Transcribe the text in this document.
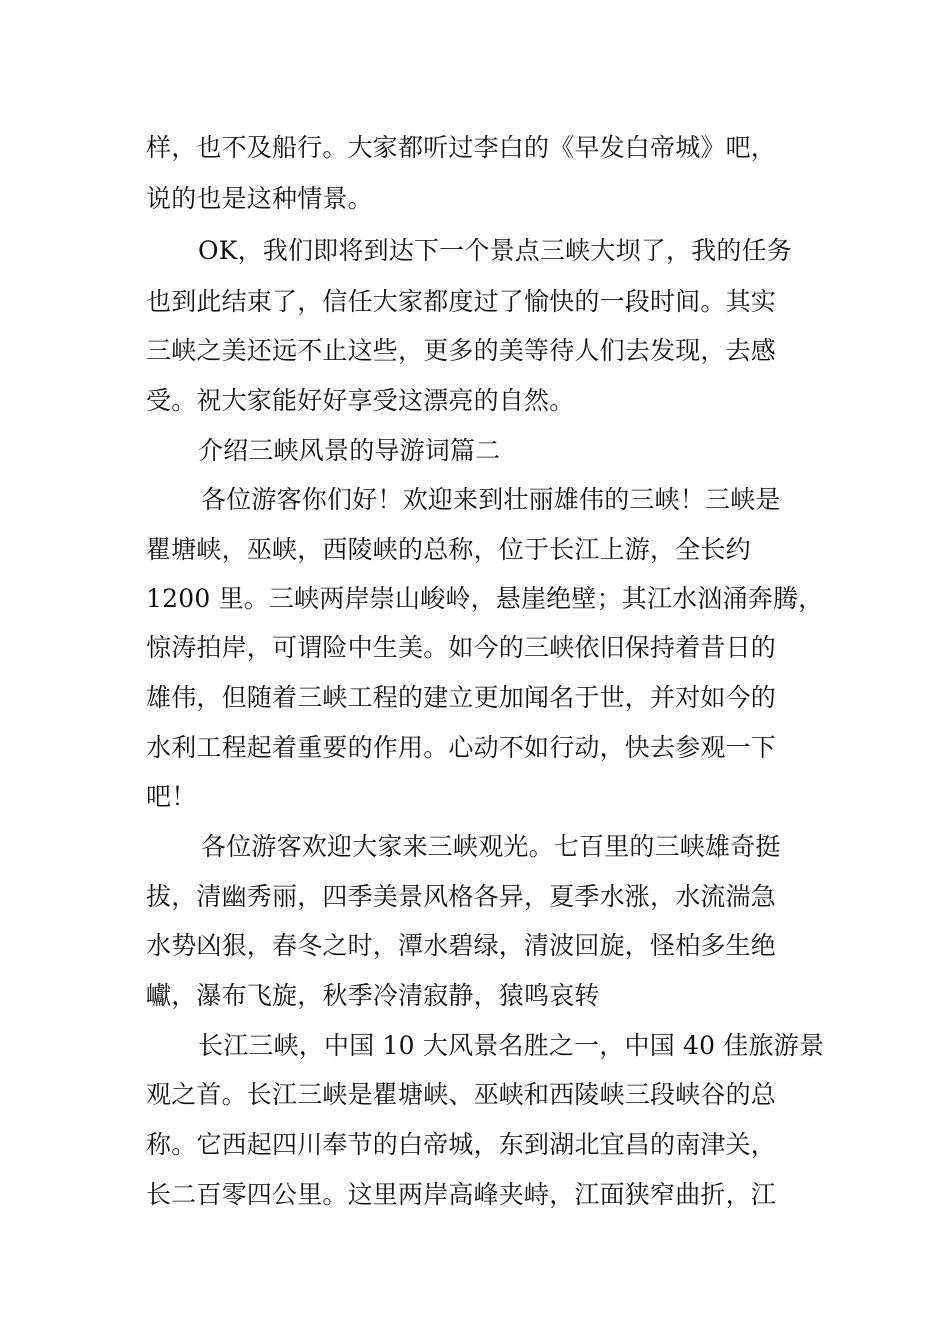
样，也不及船行。大家都听过李白的《早发白帝城》吧，
说的也是这种情景。
OK，我们即将到达下一个景点三峡大坝了，我的任务
也到此结束了，信任大家都度过了愉快的一段时间。其实
三峡之美还远不止这些，更多的美等待人们去发现，去感
受。祝大家能好好享受这漂亮的自然。
介绍三峡风景的导游词篇二
各位游客你们好！欢迎来到壮丽雄伟的三峡！三峡是
瞿塘峡，巫峡，西陵峡的总称，位于长江上游，全长约
1200 里。三峡两岸崇山峻岭，悬崖绝壁；其江水汹涌奔腾，
惊涛拍岸，可谓险中生美。如今的三峡依旧保持着昔日的
雄伟，但随着三峡工程的建立更加闻名于世，并对如今的
水利工程起着重要的作用。心动不如行动，快去参观一下
吧！
各位游客欢迎大家来三峡观光。七百里的三峡雄奇挺
拔，清幽秀丽，四季美景风格各异，夏季水涨，水流湍急
水势凶狠，春冬之时，潭水碧绿，清波回旋，怪柏多生绝
巘，瀑布飞旋，秋季冷清寂静，猿鸣哀转
长江三峡，中国 10 大风景名胜之一，中国 40 佳旅游景
观之首。长江三峡是瞿塘峡、巫峡和西陵峡三段峡谷的总
称。它西起四川奉节的白帝城，东到湖北宜昌的南津关，
长二百零四公里。这里两岸高峰夹峙，江面狭窄曲折，江
